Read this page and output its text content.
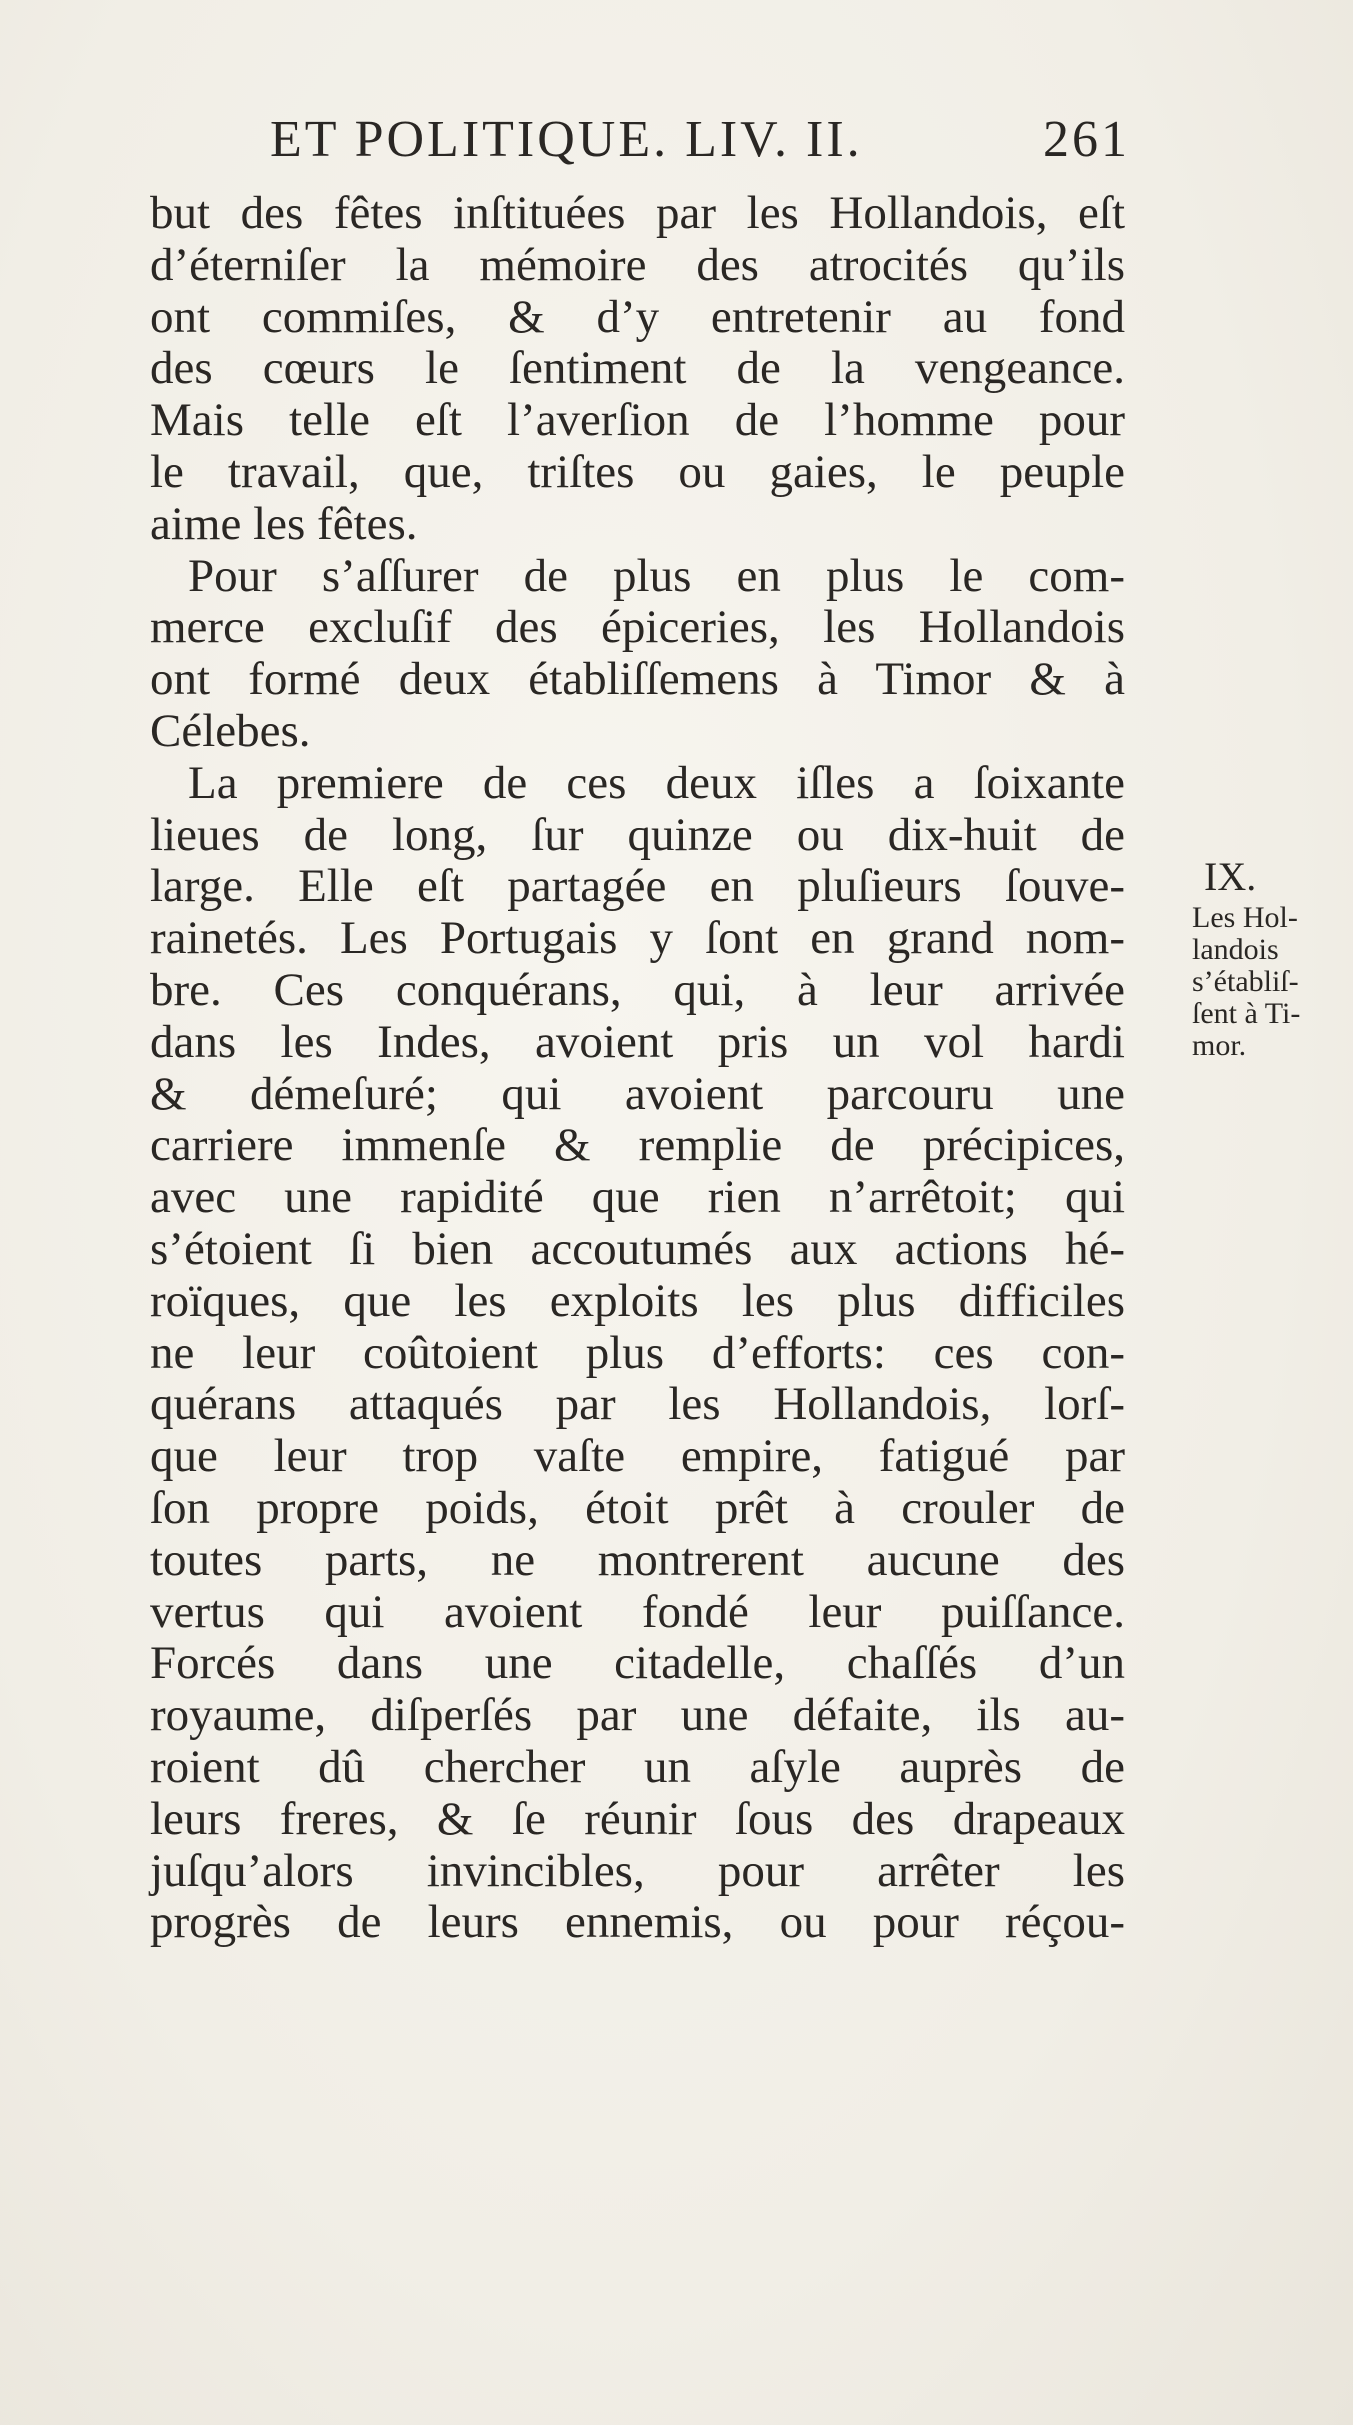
ET POLITIQUE. LIV. II.	261
but des fêtes inſtituées par les Hollandois, eſt
d’éterniſer la mémoire des atrocités qu’ils
ont commiſes, & d’y entretenir au fond
des cœurs le ſentiment de la vengeance.
Mais telle eſt l’averſion de l’homme pour
le travail, que, triſtes ou gaies, le peuple
aime les fêtes.
Pour s’aſſurer de plus en plus le com-
merce excluſif des épiceries, les Hollandois
ont formé deux établiſſemens à Timor & à
Célebes.
La premiere de ces deux iſles a ſoixante
lieues de long, ſur quinze ou dix-huit de
large. Elle eſt partagée en pluſieurs ſouve-
rainetés. Les Portugais y ſont en grand nom-
bre. Ces conquérans, qui, à leur arrivée
dans les Indes, avoient pris un vol hardi
& démeſuré; qui avoient parcouru une
carriere immenſe & remplie de précipices,
avec une rapidité que rien n’arrêtoit; qui
s’étoient ſi bien accoutumés aux actions hé-
roïques, que les exploits les plus difficiles
ne leur coûtoient plus d’efforts: ces con-
quérans attaqués par les Hollandois, lorſ-
que leur trop vaſte empire, fatigué par
ſon propre poids, étoit prêt à crouler de
toutes parts, ne montrerent aucune des
vertus qui avoient fondé leur puiſſance.
Forcés dans une citadelle, chaſſés d’un
royaume, diſperſés par une défaite, ils au-
roient dû chercher un aſyle auprès de
leurs freres, & ſe réunir ſous des drapeaux
juſqu’alors invincibles, pour arrêter les
progrès de leurs ennemis, ou pour réçou-
IX.
Les Hol-
landois
s’établiſ-
ſent à Ti-
mor.
